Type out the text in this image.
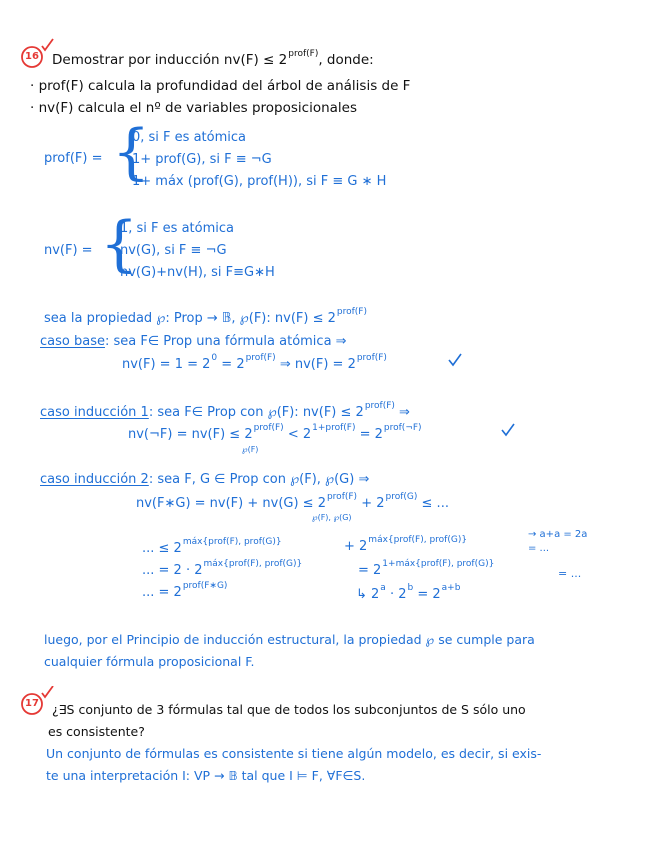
16 Demostrar por inducción $nv(F) \le 2^{prof(F)}$, donde:
· prof(F) calcula la profundidad del árbol de análisis de F
· nv(F) calcula el nº de variables proposicionales
prof(F) = {
0, si F es atómica
1+ prof(G), si F ≡ ¬G
1+ máx (prof(G), prof(H)), si F ≡ G ∗ H
nv(F) = {
1, si F es atómica
nv(G), si F ≡ ¬G
nv(G)+nv(H), si F≡G∗H
sea la propiedad ℘: Prop → 𝔹, ℘(F): $nv(F) \le 2^{prof(F)}$
caso base: sea F∈ Prop una fórmula atómica ⇒
$nv(F) = 1 = 2^0 = 2^{prof(F)}$ ⇒ $nv(F) = 2^{prof(F)}$
caso inducción 1: sea F∈ Prop con ℘(F): $nv(F) \le 2^{prof(F)}$ ⇒
nv(¬F) = $nv(F) \le 2^{prof(F)} < 2^{1+prof(F)} = 2^{prof(\neg F)}$
℘(F)
caso inducción 2: sea F, G ∈ Prop con ℘(F), ℘(G) ⇒
nv(F∗G) = $nv(F) + nv(G) \le 2^{prof(F)} + 2^{prof(G)}$ ≤ ...
℘(F), ℘(G)
... ≤ $2^{máx\{prof(F), prof(G)\}}$	+ $2^{máx\{prof(F), prof(G)\}}$	→ a+a = 2a
= ...
... = $2 \cdot 2^{máx\{prof(F), prof(G)\}}$	= $2^{1+máx\{prof(F), prof(G)\}}$
= ...
... = $2^{prof(F∗G)}$
↳ $2^a \cdot 2^b = 2^{a+b}$
luego, por el Principio de inducción estructural, la propiedad ℘ se cumple para
cualquier fórmula proposicional F.
17 ¿∃S conjunto de 3 fórmulas tal que de todos los subconjuntos de S sólo uno
es consistente?
Un conjunto de fórmulas es consistente si tiene algún modelo, es decir, si exis-
te una interpretación I: VP → 𝔹 tal que I ⊨ F, ∀F∈S.
